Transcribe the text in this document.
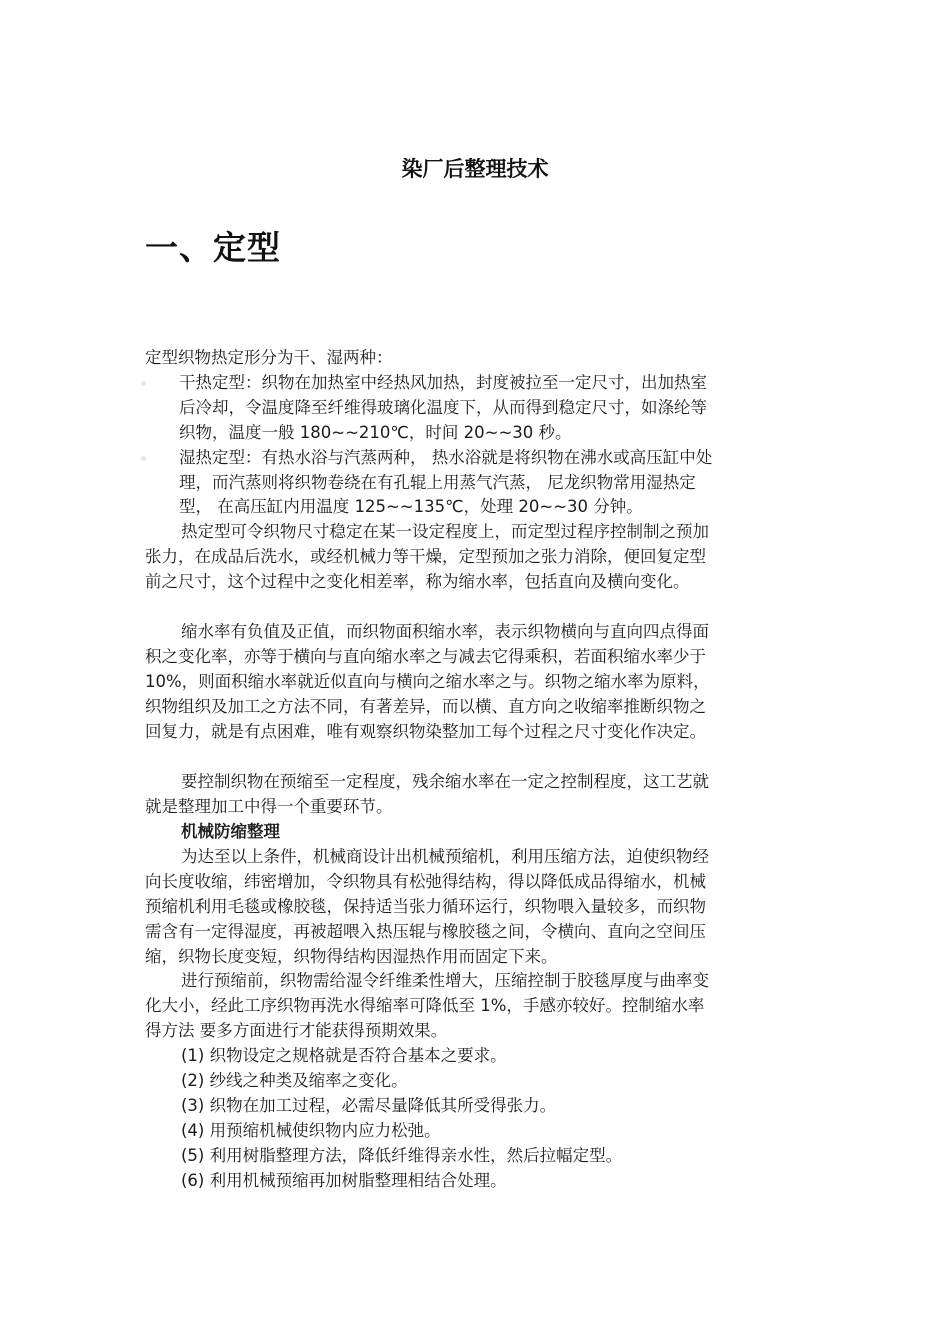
染厂后整理技术
一、定型
定型织物热定形分为干、湿两种：
干热定型：织物在加热室中经热风加热，封度被拉至一定尺寸，出加热室
后冷却，令温度降至纤维得玻璃化温度下，从而得到稳定尺寸，如涤纶等
织物，温度一般 180~~210℃，时间 20~~30 秒。
湿热定型：有热水浴与汽蒸两种， 热水浴就是将织物在沸水或高压缸中处
理，而汽蒸则将织物卷绕在有孔辊上用蒸气汽蒸， 尼龙织物常用湿热定
型， 在高压缸内用温度 125~~135℃，处理 20~~30 分钟。
热定型可令织物尺寸稳定在某一设定程度上，而定型过程序控制制之预加
张力，在成品后洗水，或经机械力等干燥，定型预加之张力消除，便回复定型
前之尺寸，这个过程中之变化相差率，称为缩水率，包括直向及横向变化。
缩水率有负值及正值，而织物面积缩水率，表示织物横向与直向四点得面
积之变化率，亦等于横向与直向缩水率之与减去它得乘积，若面积缩水率少于
10%，则面积缩水率就近似直向与横向之缩水率之与。织物之缩水率为原料，
织物组织及加工之方法不同，有著差异，而以横、直方向之收缩率推断织物之
回复力，就是有点困难，唯有观察织物染整加工每个过程之尺寸变化作决定。
要控制织物在预缩至一定程度，残余缩水率在一定之控制程度，这工艺就
就是整理加工中得一个重要环节。
机械防缩整理
为达至以上条件，机械商设计出机械预缩机，利用压缩方法，迫使织物经
向长度收缩，纬密增加，令织物具有松弛得结构，得以降低成品得缩水，机械
预缩机利用毛毯或橡胶毯，保持适当张力循环运行，织物喂入量较多，而织物
需含有一定得湿度，再被超喂入热压辊与橡胶毯之间，令横向、直向之空间压
缩，织物长度变短，织物得结构因湿热作用而固定下来。
进行预缩前，织物需给湿令纤维柔性增大，压缩控制于胶毯厚度与曲率变
化大小，经此工序织物再洗水得缩率可降低至 1%，手感亦较好。控制缩水率
得方法 要多方面进行才能获得预期效果。
(1) 织物设定之规格就是否符合基本之要求。
(2) 纱线之种类及缩率之变化。
(3) 织物在加工过程，必需尽量降低其所受得张力。
(4) 用预缩机械使织物内应力松弛。
(5) 利用树脂整理方法，降低纤维得亲水性，然后拉幅定型。
(6) 利用机械预缩再加树脂整理相结合处理。
